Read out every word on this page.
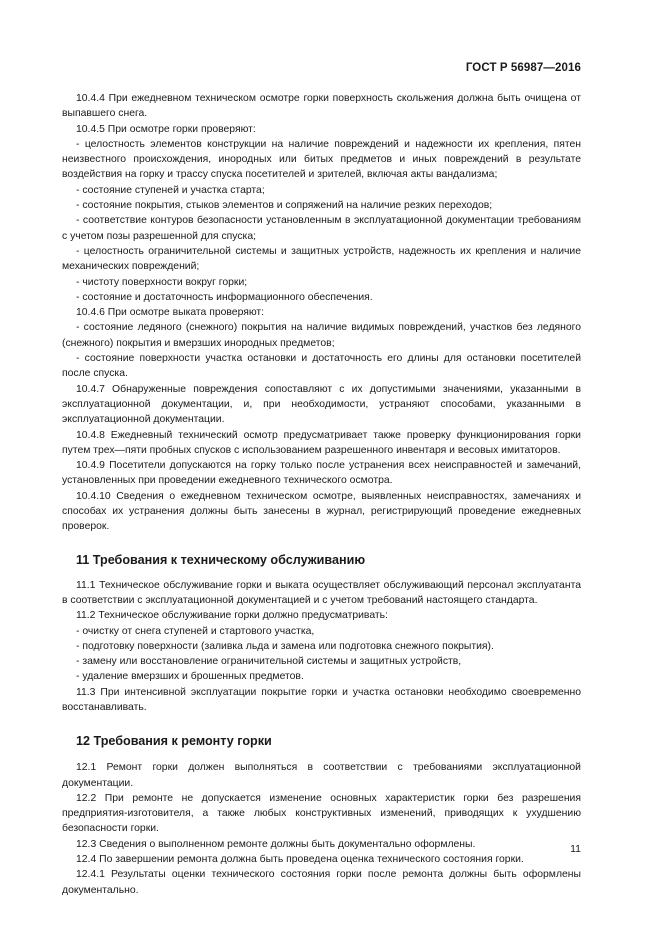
ГОСТ Р 56987—2016

10.4.4 При ежедневном техническом осмотре горки поверхность скольжения должна быть очищена от выпавшего снега.

10.4.5 При осмотре горки проверяют:

- целостность элементов конструкции на наличие повреждений и надежности их крепления, пятен неизвестного происхождения, инородных или битых предметов и иных повреждений в результате воздействия на горку и трассу спуска посетителей и зрителей, включая акты вандализма;

- состояние ступеней и участка старта;

- состояние покрытия, стыков элементов и сопряжений на наличие резких переходов;

- соответствие контуров безопасности установленным в эксплуатационной документации требованиям с учетом позы разрешенной для спуска;

- целостность ограничительной системы и защитных устройств, надежность их крепления и наличие механических повреждений;

- чистоту поверхности вокруг горки;

- состояние и достаточность информационного обеспечения.

10.4.6 При осмотре выката проверяют:

- состояние ледяного (снежного) покрытия на наличие видимых повреждений, участков без ледяного (снежного) покрытия и вмерзших инородных предметов;

- состояние поверхности участка остановки и достаточность его длины для остановки посетителей после спуска.

10.4.7 Обнаруженные повреждения сопоставляют с их допустимыми значениями, указанными в эксплуатационной документации, и, при необходимости, устраняют способами, указанными в эксплуатационной документации.

10.4.8 Ежедневный технический осмотр предусматривает также проверку функционирования горки путем трех—пяти пробных спусков с использованием разрешенного инвентаря и весовых имитаторов.

10.4.9 Посетители допускаются на горку только после устранения всех неисправностей и замечаний, установленных при проведении ежедневного технического осмотра.

10.4.10 Сведения о ежедневном техническом осмотре, выявленных неисправностях, замечаниях и способах их устранения должны быть занесены в журнал, регистрирующий проведение ежедневных проверок.

11 Требования к техническому обслуживанию

11.1 Техническое обслуживание горки и выката осуществляет обслуживающий персонал эксплуатанта в соответствии с эксплуатационной документацией и с учетом требований настоящего стандарта.

11.2 Техническое обслуживание горки должно предусматривать:

- очистку от снега ступеней и стартового участка,

- подготовку поверхности (заливка льда и замена или подготовка снежного покрытия).

- замену или восстановление ограничительной системы и защитных устройств,

- удаление вмерзших и брошенных предметов.

11.3 При интенсивной эксплуатации покрытие горки и участка остановки необходимо своевременно восстанавливать.

12 Требования к ремонту горки

12.1 Ремонт горки должен выполняться в соответствии с требованиями эксплуатационной документации.

12.2 При ремонте не допускается изменение основных характеристик горки без разрешения предприятия-изготовителя, а также любых конструктивных изменений, приводящих к ухудшению безопасности горки.

12.3 Сведения о выполненном ремонте должны быть документально оформлены.

12.4 По завершении ремонта должна быть проведена оценка технического состояния горки.

12.4.1 Результаты оценки технического состояния горки после ремонта должны быть оформлены документально.

11
